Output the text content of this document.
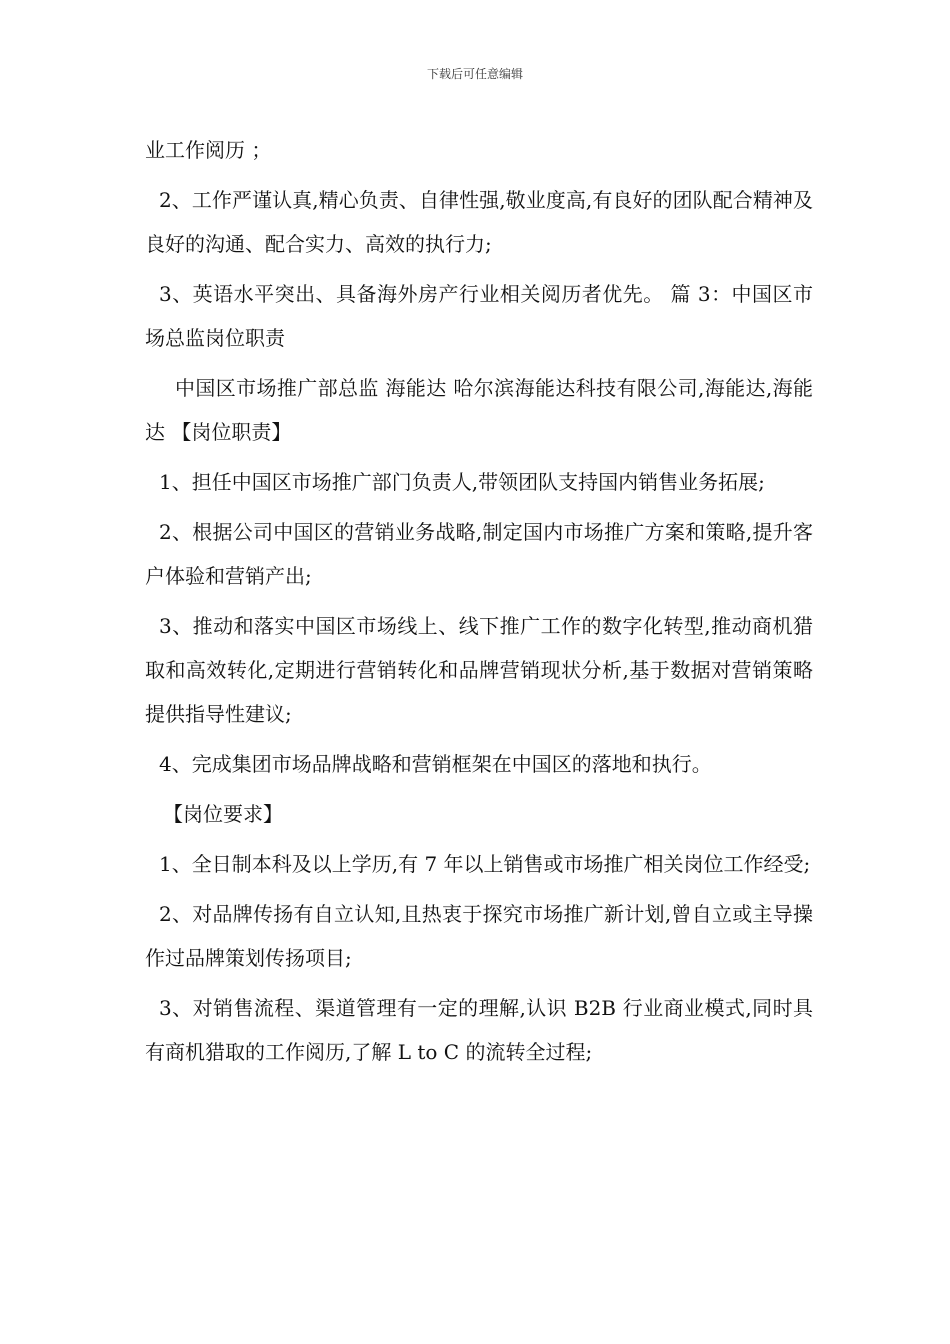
下载后可任意编辑

业工作阅历 ；

2、工作严谨认真,精心负责、自律性强,敬业度高,有良好的团队配合精神及良好的沟通、配合实力、高效的执行力;

3、英语水平突出、具备海外房产行业相关阅历者优先。 篇 3：中国区市场总监岗位职责

中国区市场推广部总监 海能达 哈尔滨海能达科技有限公司,海能达,海能达 【岗位职责】

1、担任中国区市场推广部门负责人,带领团队支持国内销售业务拓展;

2、根据公司中国区的营销业务战略,制定国内市场推广方案和策略,提升客户体验和营销产出;

3、推动和落实中国区市场线上、线下推广工作的数字化转型,推动商机猎取和高效转化,定期进行营销转化和品牌营销现状分析,基于数据对营销策略提供指导性建议;

4、完成集团市场品牌战略和营销框架在中国区的落地和执行。

【岗位要求】

1、全日制本科及以上学历,有 7 年以上销售或市场推广相关岗位工作经受;

2、对品牌传扬有自立认知,且热衷于探究市场推广新计划,曾自立或主导操作过品牌策划传扬项目;

3、对销售流程、渠道管理有一定的理解,认识 B2B 行业商业模式,同时具有商机猎取的工作阅历,了解 L to C 的流转全过程;
